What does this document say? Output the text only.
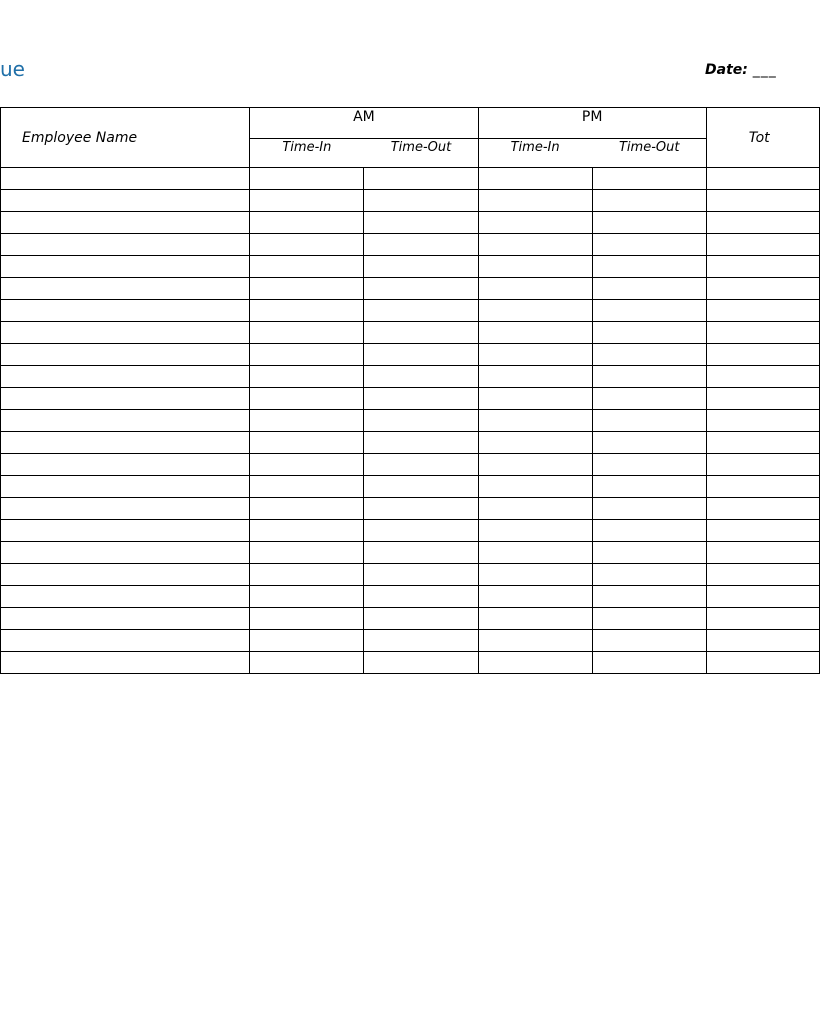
ue	Date: ___
Employee Name	AM		PM		Tot
	Time-In	Time-Out	Time-In	Time-Out	
